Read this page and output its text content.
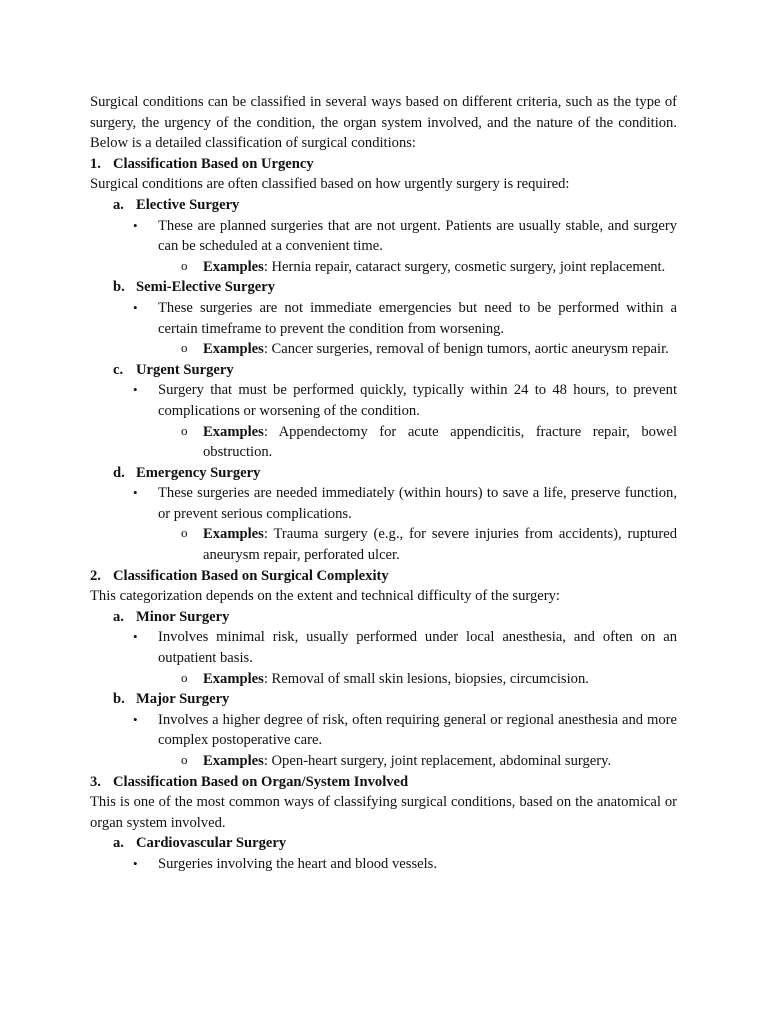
Surgical conditions can be classified in several ways based on different criteria, such as the type of surgery, the urgency of the condition, the organ system involved, and the nature of the condition. Below is a detailed classification of surgical conditions:

1. Classification Based on Urgency

Surgical conditions are often classified based on how urgently surgery is required:

a. Elective Surgery
• These are planned surgeries that are not urgent. Patients are usually stable, and surgery can be scheduled at a convenient time.
o Examples: Hernia repair, cataract surgery, cosmetic surgery, joint replacement.
b. Semi-Elective Surgery
• These surgeries are not immediate emergencies but need to be performed within a certain timeframe to prevent the condition from worsening.
o Examples: Cancer surgeries, removal of benign tumors, aortic aneurysm repair.
c. Urgent Surgery
• Surgery that must be performed quickly, typically within 24 to 48 hours, to prevent complications or worsening of the condition.
o Examples: Appendectomy for acute appendicitis, fracture repair, bowel obstruction.
d. Emergency Surgery
• These surgeries are needed immediately (within hours) to save a life, preserve function, or prevent serious complications.
o Examples: Trauma surgery (e.g., for severe injuries from accidents), ruptured aneurysm repair, perforated ulcer.
2. Classification Based on Surgical Complexity

This categorization depends on the extent and technical difficulty of the surgery:

a. Minor Surgery
• Involves minimal risk, usually performed under local anesthesia, and often on an outpatient basis.
o Examples: Removal of small skin lesions, biopsies, circumcision.
b. Major Surgery
• Involves a higher degree of risk, often requiring general or regional anesthesia and more complex postoperative care.
o Examples: Open-heart surgery, joint replacement, abdominal surgery.
3. Classification Based on Organ/System Involved

This is one of the most common ways of classifying surgical conditions, based on the anatomical or organ system involved.

a. Cardiovascular Surgery
• Surgeries involving the heart and blood vessels.
